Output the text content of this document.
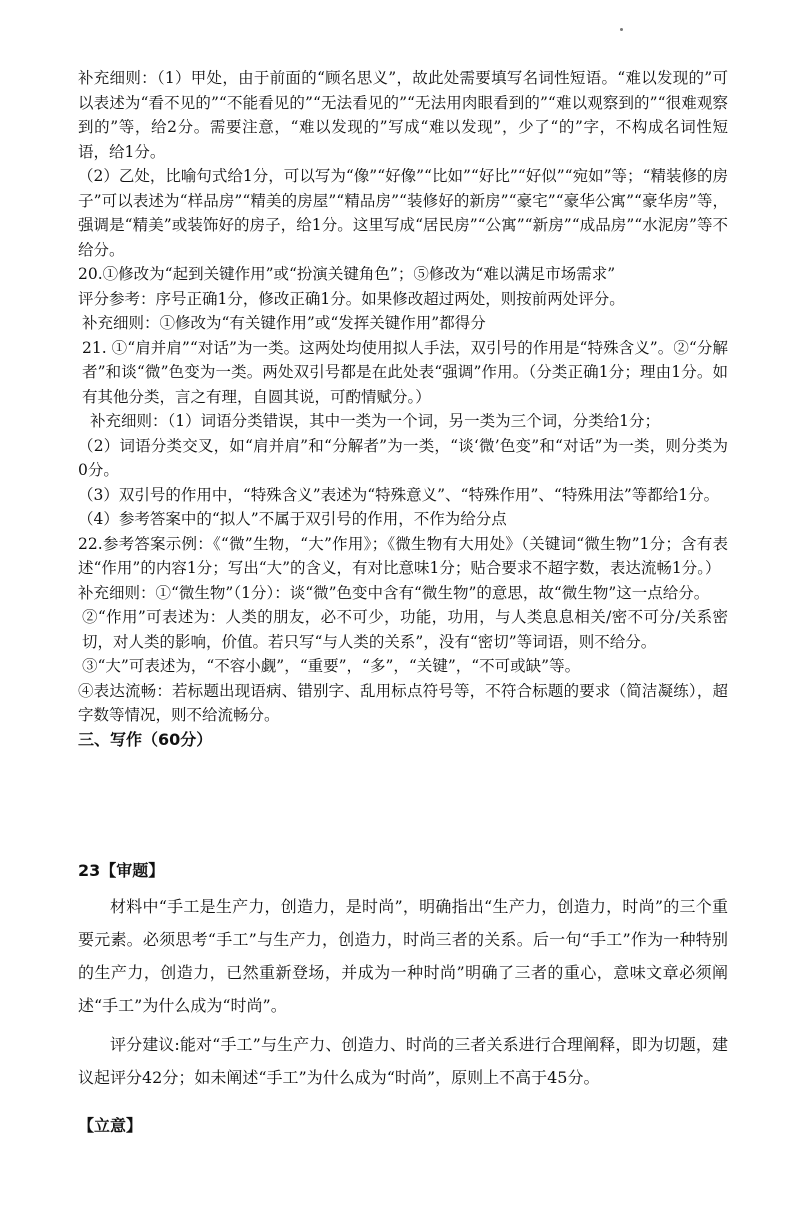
补充细则：（1）甲处，由于前面的“顾名思义”，故此处需要填写名词性短语。“难以发现的”可以表述为“看不见的”“不能看见的”“无法看见的”“无法用肉眼看到的”“难以观察到的”“很难观察到的”等，给2分。需要注意，“难以发现的”写成“难以发现”，少了“的”字，不构成名词性短语，给1分。

（2）乙处，比喻句式给1分，可以写为“像”“好像”“比如”“好比”“好似”“宛如”等；“精装修的房子”可以表述为“样品房”“精美的房屋”“精品房”“装修好的新房”“豪宅”“豪华公寓”“豪华房”等，强调是“精美”或装饰好的房子，给1分。这里写成“居民房”“公寓”“新房”“成品房”“水泥房”等不给分。

20.①修改为“起到关键作用”或“扮演关键角色”；⑤修改为“难以满足市场需求”

评分参考：序号正确1分，修改正确1分。如果修改超过两处，则按前两处评分。

补充细则：①修改为“有关键作用”或“发挥关键作用”都得分

21. ①“肩并肩”“对话”为一类。这两处均使用拟人手法，双引号的作用是“特殊含义”。②“分解者”和谈“微”色变为一类。两处双引号都是在此处表“强调”作用。（分类正确1分；理由1分。如有其他分类，言之有理，自圆其说，可酌情赋分。）

补充细则：（1）词语分类错误，其中一类为一个词，另一类为三个词，分类给1分；

（2）词语分类交叉，如“肩并肩”和“分解者”为一类，“谈‘微’色变”和“对话”为一类，则分类为0分。

（3）双引号的作用中，“特殊含义”表述为“特殊意义”、“特殊作用”、“特殊用法”等都给1分。

（4）参考答案中的“拟人”不属于双引号的作用，不作为给分点

22.参考答案示例：《“微”生物，“大”作用》；《微生物有大用处》（关键词“微生物”1分；含有表述“作用”的内容1分；写出“大”的含义，有对比意味1分；贴合要求不超字数，表达流畅1分。）

补充细则：①“微生物”（1分）：谈“微”色变中含有“微生物”的意思，故“微生物”这一点给分。

②“作用”可表述为：人类的朋友，必不可少，功能，功用，与人类息息相关/密不可分/关系密切，对人类的影响，价值。若只写“与人类的关系”，没有“密切”等词语，则不给分。

③“大”可表述为，“不容小觑”，“重要”，“多”，“关键”，“不可或缺”等。

④表达流畅：若标题出现语病、错别字、乱用标点符号等，不符合标题的要求（简洁凝练），超字数等情况，则不给流畅分。

三、写作（60分）

23【审题】

材料中“手工是生产力，创造力，是时尚”，明确指出“生产力，创造力，时尚”的三个重要元素。必须思考“手工”与生产力，创造力，时尚三者的关系。后一句“手工”作为一种特别的生产力，创造力，已然重新登场，并成为一种时尚”明确了三者的重心，意味文章必须阐述“手工”为什么成为“时尚”。

评分建议:能对“手工”与生产力、创造力、时尚的三者关系进行合理阐释，即为切题，建议起评分42分；如未阐述“手工”为什么成为“时尚”，原则上不高于45分。

【立意】
